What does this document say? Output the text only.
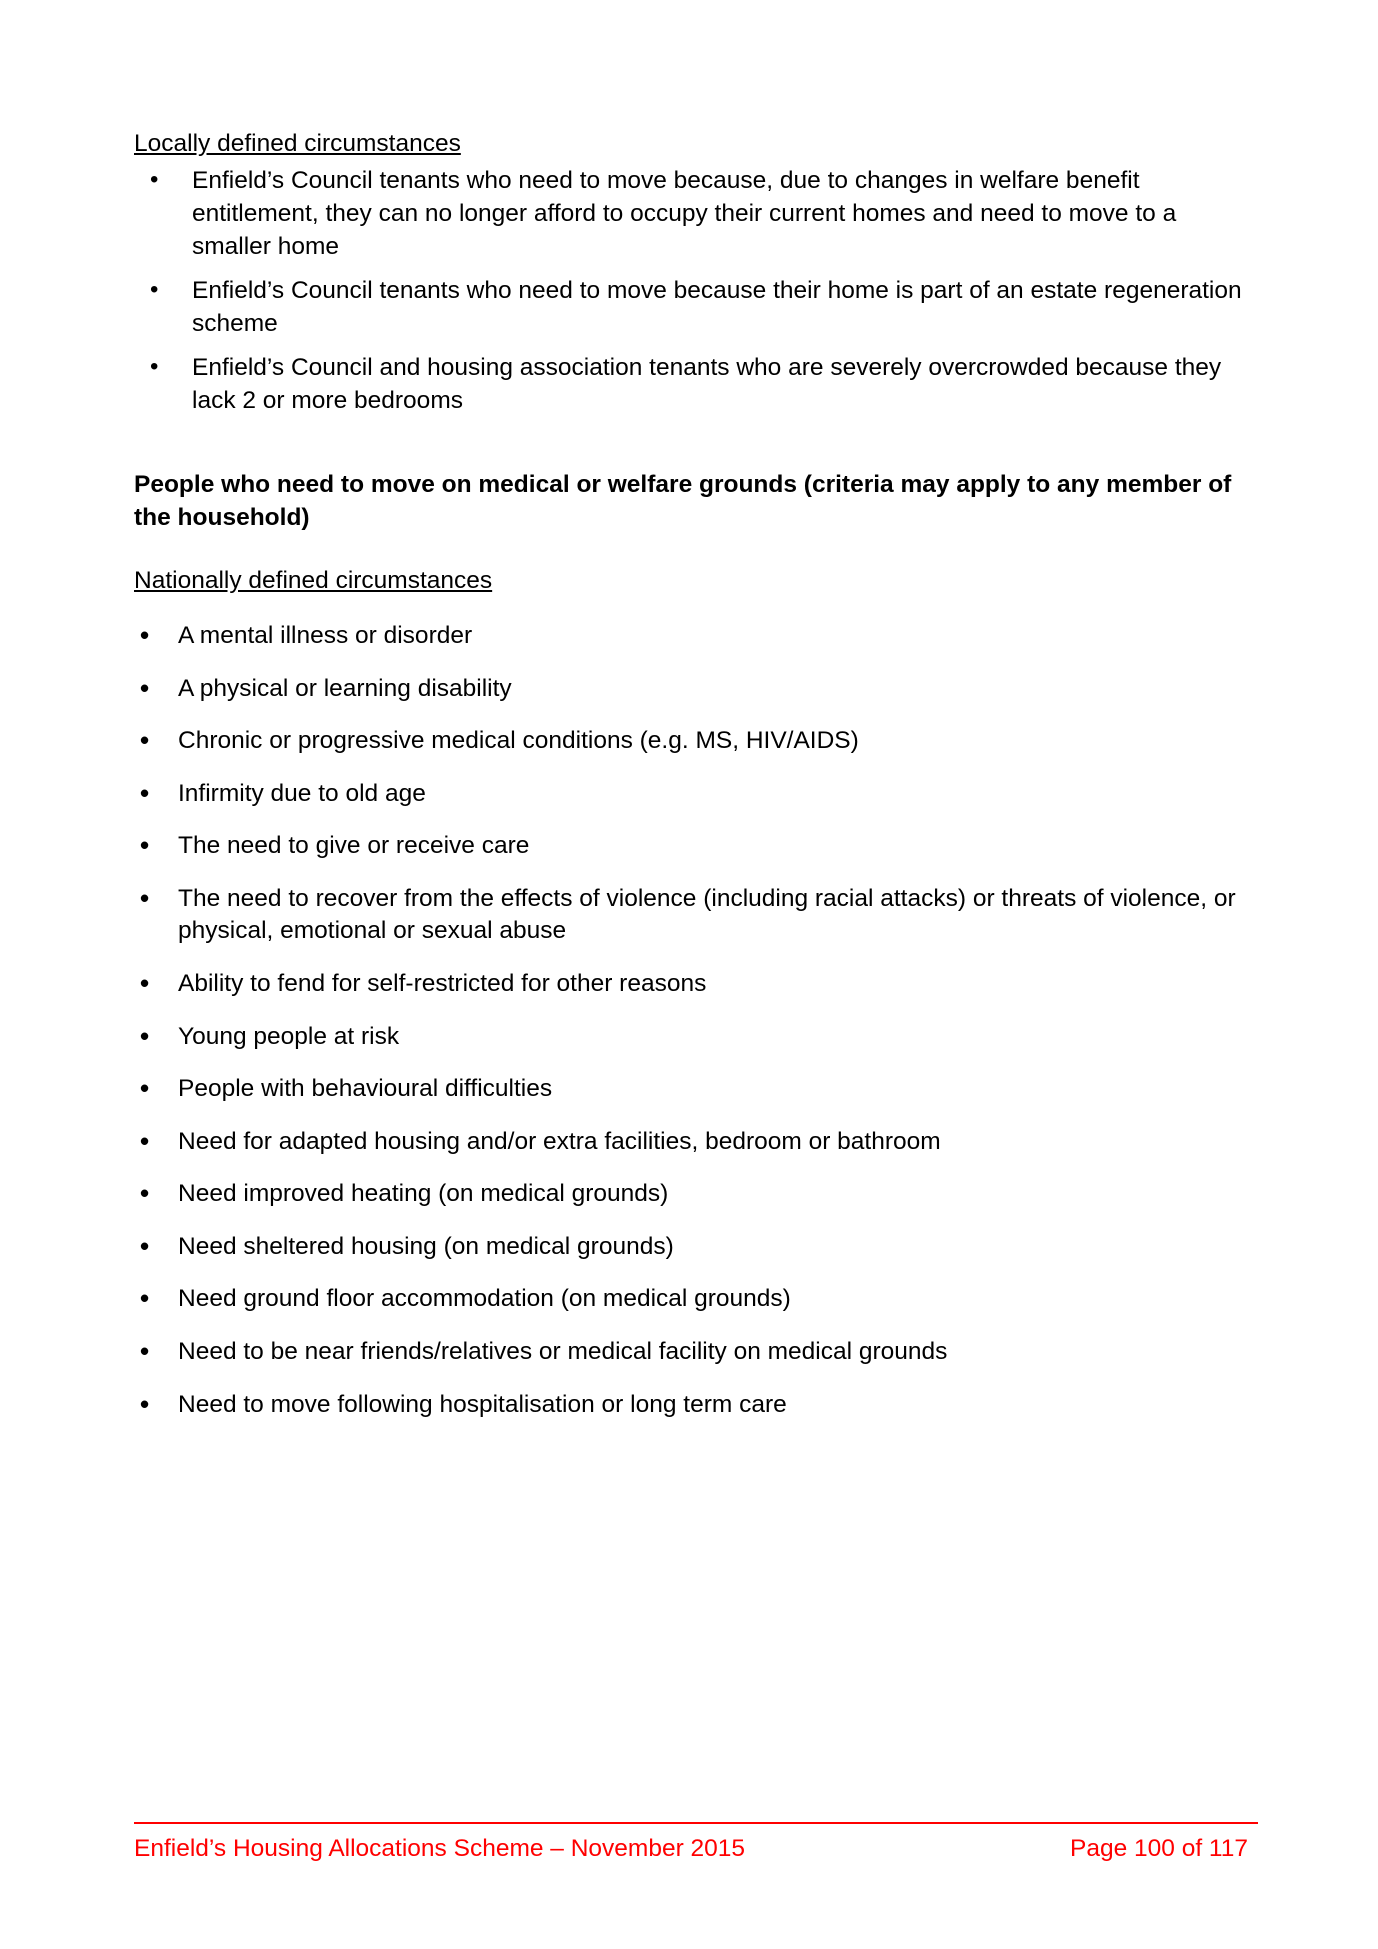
Locally defined circumstances

• Enfield’s Council tenants who need to move because, due to changes in welfare benefit entitlement, they can no longer afford to occupy their current homes and need to move to a smaller home
• Enfield’s Council tenants who need to move because their home is part of an estate regeneration scheme
• Enfield’s Council and housing association tenants who are severely overcrowded because they lack 2 or more bedrooms

People who need to move on medical or welfare grounds (criteria may apply to any member of the household)

Nationally defined circumstances

• A mental illness or disorder
• A physical or learning disability
• Chronic or progressive medical conditions (e.g. MS, HIV/AIDS)
• Infirmity due to old age
• The need to give or receive care
• The need to recover from the effects of violence (including racial attacks) or threats of violence, or physical, emotional or sexual abuse
• Ability to fend for self-restricted for other reasons
• Young people at risk
• People with behavioural difficulties
• Need for adapted housing and/or extra facilities, bedroom or bathroom
• Need improved heating (on medical grounds)
• Need sheltered housing (on medical grounds)
• Need ground floor accommodation (on medical grounds)
• Need to be near friends/relatives or medical facility on medical grounds
• Need to move following hospitalisation or long term care
Enfield’s Housing Allocations Scheme – November 2015	Page 100 of 117
